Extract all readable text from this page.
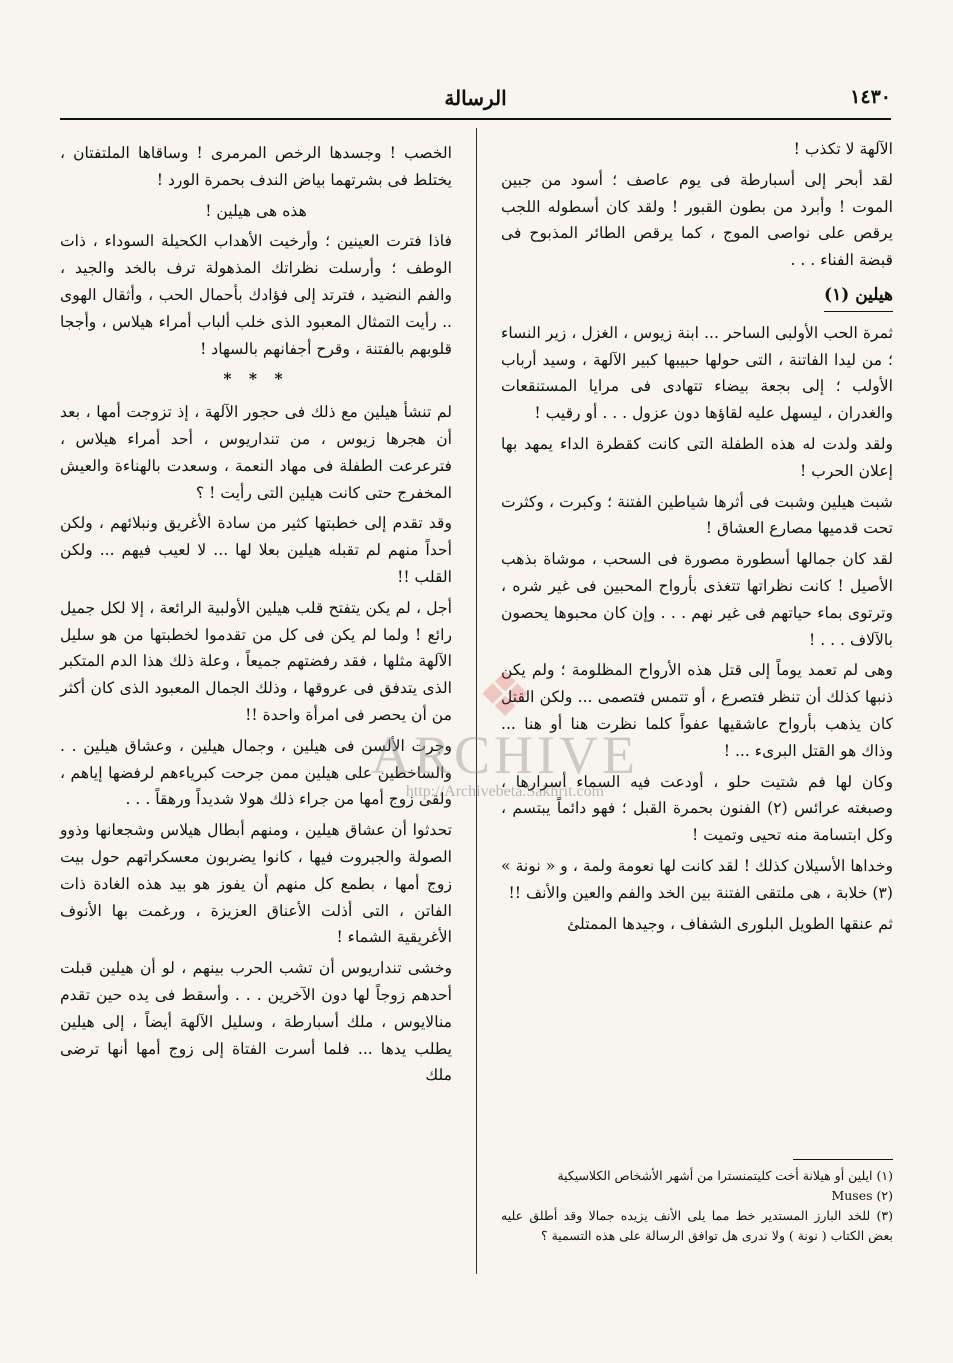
١٤٣٠
الرسالة

الآلهة لا تكذب !

لقد أبحر إلى أسبارطة فى يوم عاصف ؛ أسود من جبين الموت ! وأبرد من بطون القبور ! ولقد كان أسطوله اللجب يرقص على نواصى الموج ، كما يرقص الطائر المذبوح فى قبضة الفناء . . .

هيلين (١)

ثمرة الحب الأولبى الساحر ... ابنة زيوس ، الغزل ، زير النساء ؛ من ليدا الفاتنة ، التى حولها حبيبها كبير الآلهة ، وسيد أرباب الأولب ؛ إلى بجعة بيضاء تتهادى فى مرايا المستنقعات والغدران ، ليسهل عليه لقاؤها دون عزول . . . أو رقيب !

ولقد ولدت له هذه الطفلة التى كانت كقطرة الداء يمهد بها إعلان الحرب !

شبت هيلين وشبت فى أثرها شياطين الفتنة ؛ وكبرت ، وكثرت تحت قدميها مصارع العشاق !

لقد كان جمالها أسطورة مصورة فى السحب ، موشاة بذهب الأصيل ! كانت نظراتها تتغذى بأرواح المحبين فى غير شره ، وترتوى بماء حياتهم فى غير نهم . . . وإن كان محبوها يحصون بالآلاف . . . !

وهى لم تعمد يوماً إلى قتل هذه الأرواح المظلومة ؛ ولم يكن ذنبها كذلك أن تنظر فتصرع ، أو تتمس فتصمى ... ولكن القتل كان يذهب بأرواح عاشقيها عفواً كلما نظرت هنا أو هنا ... وذاك هو القتل البرىء ... !

وكان لها فم شتيت حلو ، أودعت فيه السماء أسرارها ، وصبغته عرائس (٢) الفنون بحمرة القبل ؛ فهو دائماً يبتسم ، وكل ابتسامة منه تحيى وتميت !

وخداها الأسيلان كذلك ! لقد كانت لها نعومة ولمة ، و « نونة » (٣) خلابة ، هى ملتقى الفتنة بين الخد والفم والعين والأنف !!

ثم عنقها الطويل البلورى الشفاف ، وجيدها الممتلئ

الخصب ! وجسدها الرخص المرمرى ! وساقاها الملتفتان ، يختلط فى بشرتهما بياض الندف بحمرة الورد !

هذه هى هيلين !

فاذا فترت العينين ؛ وأرخيت الأهداب الكحيلة السوداء ، ذات الوطف ؛ وأرسلت نظراتك المذهولة ترف بالخد والجيد ، والفم النضيد ، فترتد إلى فؤادك بأحمال الحب ، وأثقال الهوى .. رأيت التمثال المعبود الذى خلب ألباب أمراء هيلاس ، وأججا قلوبهم بالفتنة ، وقرح أجفانهم بالسهاد !

* * *

لم تنشأ هيلين مع ذلك فى حجور الآلهة ، إذ تزوجت أمها ، بعد أن هجرها زيوس ، من تنداريوس ، أحد أمراء هيلاس ، فترعرعت الطفلة فى مهاد النعمة ، وسعدت بالهناءة والعيش المخفرج حتى كانت هيلين التى رأيت ! ؟

وقد تقدم إلى خطبتها كثير من سادة الأغريق ونبلائهم ، ولكن أحداً منهم لم تقبله هيلين بعلا لها ... لا لعيب فيهم ... ولكن القلب !!

أجل ، لم يكن يتفتح قلب هيلين الأولبية الرائعة ، إلا لكل جميل رائع ! ولما لم يكن فى كل من تقدموا لخطبتها من هو سليل الآلهة مثلها ، فقد رفضتهم جميعاً ، وعلة ذلك هذا الدم المتكبر الذى يتدفق فى عروقها ، وذلك الجمال المعبود الذى كان أكثر من أن يحصر فى امرأة واحدة !!

وجرت الألسن فى هيلين ، وجمال هيلين ، وعشاق هيلين . . والساخطين على هيلين ممن جرحت كبرياءهم لرفضها إياهم ، ولقى زوج أمها من جراء ذلك هولا شديداً ورهقاً . . .

تحدثوا أن عشاق هيلين ، ومنهم أبطال هيلاس وشجعانها وذوو الصولة والجبروت فيها ، كانوا يضربون معسكراتهم حول بيت زوج أمها ، بطمع كل منهم أن يفوز هو بيد هذه الغادة ذات الفاتن ، التى أذلت الأعناق العزيزة ، ورغمت بها الأنوف الأغريقية الشماء !

وخشى تنداريوس أن تشب الحرب بينهم ، لو أن هيلين قبلت أحدهم زوجاً لها دون الآخرين . . . وأسقط فى يده حين تقدم منالايوس ، ملك أسبارطة ، وسليل الآلهة أيضاً ، إلى هيلين يطلب يدها ... فلما أسرت الفتاة إلى زوج أمها أنها ترضى ملك

(١) ايلين أو هيلانة أخت كليتمنسترا من أشهر الأشخاص الكلاسيكية

(٢) Muses

(٣) للخد البارز المستدير خط مما يلى الأنف يزيده جمالا وقد أطلق عليه بعض الكتاب ( نونة ) ولا ندرى هل توافق الرسالة على هذه التسمية ؟

❖
ARCHIVE
http://Archivebeta.Sakhrit.com
